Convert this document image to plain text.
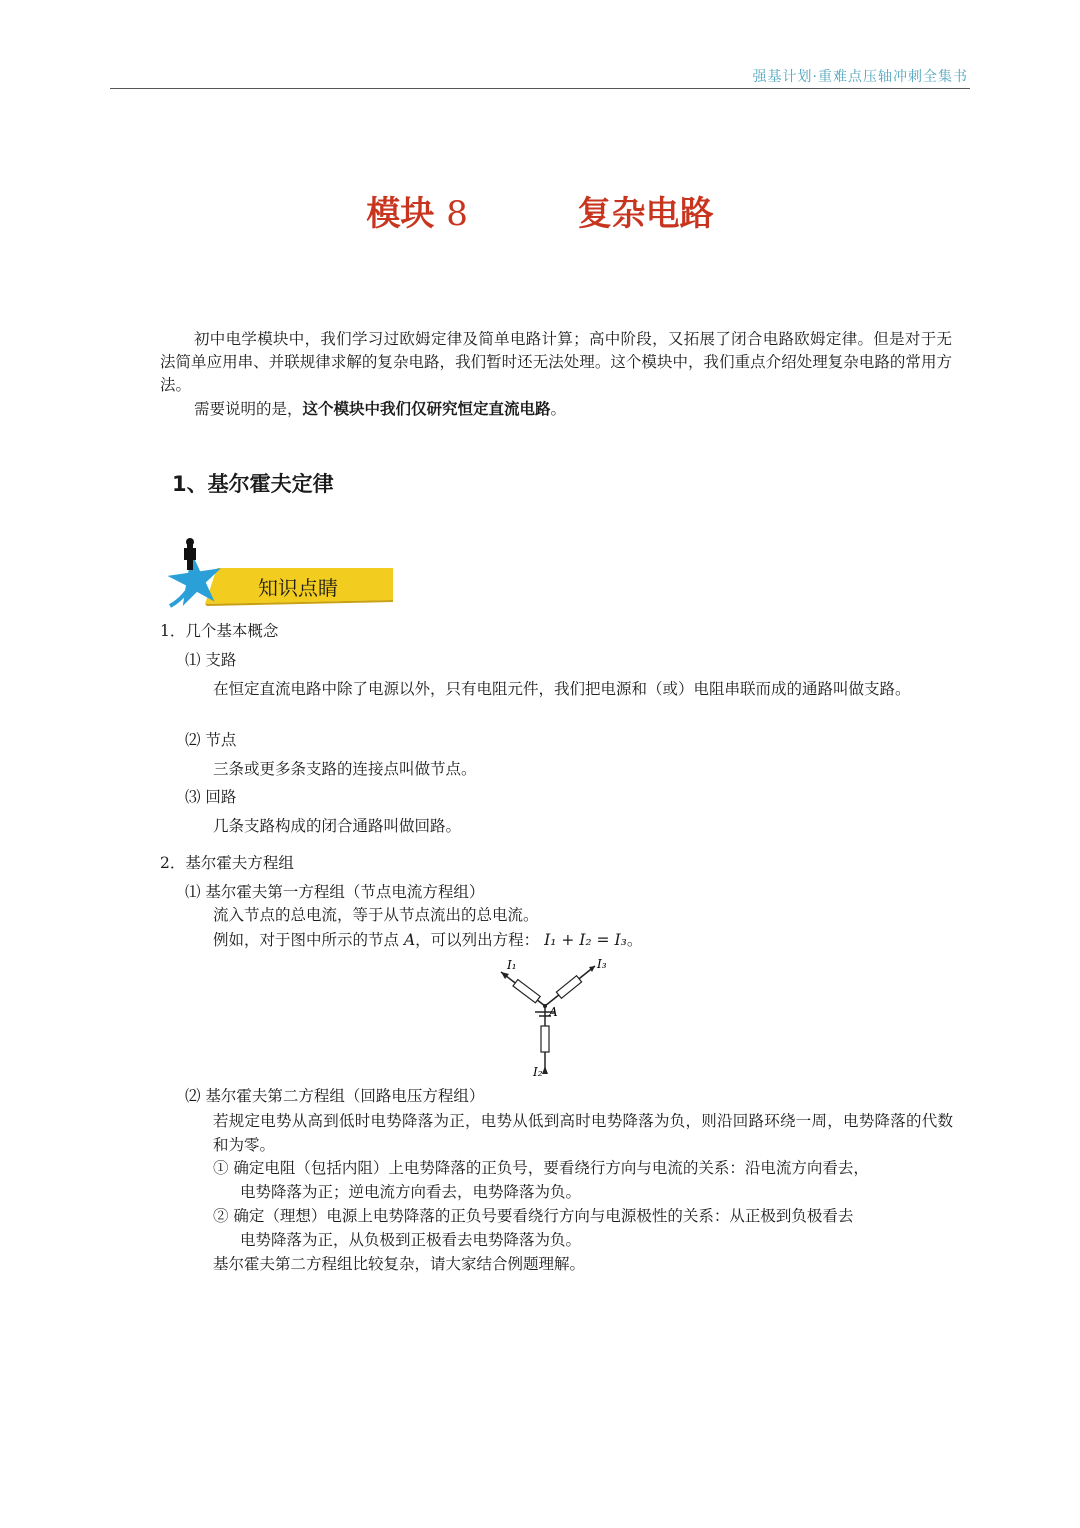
强基计划·重难点压轴冲刺全集书
模块 8	复杂电路

初中电学模块中，我们学习过欧姆定律及简单电路计算；高中阶段，又拓展了闭合电路欧姆定律。但是对于无法简单应用串、并联规律求解的复杂电路，我们暂时还无法处理。这个模块中，我们重点介绍处理复杂电路的常用方法。

需要说明的是，这个模块中我们仅研究恒定直流电路。

1、基尔霍夫定律
知识点睛
1．几个基本概念
⑴ 支路
在恒定直流电路中除了电源以外，只有电阻元件，我们把电源和（或）电阻串联而成的通路叫做支路。
⑵ 节点
三条或更多条支路的连接点叫做节点。
⑶ 回路
几条支路构成的闭合通路叫做回路。
2．基尔霍夫方程组
⑴ 基尔霍夫第一方程组（节点电流方程组）
流入节点的总电流，等于从节点流出的总电流。
例如，对于图中所示的节点 A，可以列出方程： I₁ + I₂ = I₃。
⑵ 基尔霍夫第二方程组（回路电压方程组）
若规定电势从高到低时电势降落为正，电势从低到高时电势降落为负，则沿回路环绕一周，电势降落的代数和为零。
① 确定电阻（包括内阻）上电势降落的正负号，要看绕行方向与电流的关系：沿电流方向看去，
电势降落为正；逆电流方向看去，电势降落为负。
② 确定（理想）电源上电势降落的正负号要看绕行方向与电源极性的关系：从正极到负极看去
电势降落为正，从负极到正极看去电势降落为负。
基尔霍夫第二方程组比较复杂，请大家结合例题理解。
I₁	I₃
A
I₂
